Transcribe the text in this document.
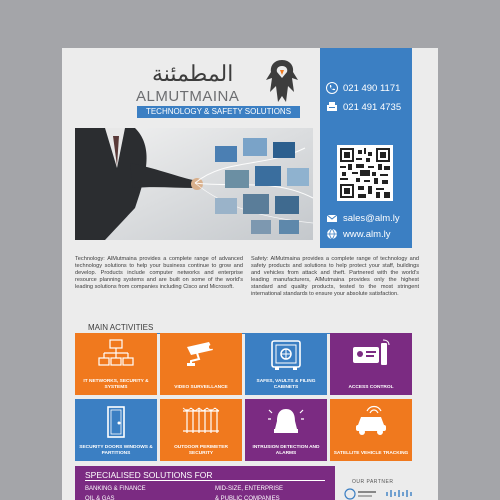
المطمئنة
ALMUTMAINA
TECHNOLOGY & SAFETY SOLUTIONS
021 490 1171
021 491 4735
sales@alm.ly
www.alm.ly

Technology: AlMutmaina provides a complete range of advanced technology solutions to help your business continue to grow and develop. Products include computer networks and enterprise resource planning systems and are built on some of the world's leading solutions from companies including Cisco and Microsoft.

Safety: AlMutmaina provides a complete range of technology and safety products and solutions to help protect your staff, buildings and vehicles from attack and theft. Partnered with the world's leading manufacturers, AlMutmaina provides only the highest standard and quality products, tested to the most stringent international standards to ensure your absolute satisfaction.

MAIN ACTIVITIES
IT NETWORKS, SECURITY & SYSTEMS	VIDEO SURVEILLANCE
SAFES, VAULTS & FILING CABINETS	ACCESS CONTROL
SECURITY DOORS WINDOWS & PARTITIONS
OUTDOOR PERIMETER SECURITY
INTRUSION DETECTION AND ALARMS	SATELLITE VEHICLE TRACKING
SPECIALISED SOLUTIONS FOR
BANKING & FINANCE
OIL & GAS
MID-SIZE, ENTERPRISE
& PUBLIC COMPANIES
OUR PARTNER
